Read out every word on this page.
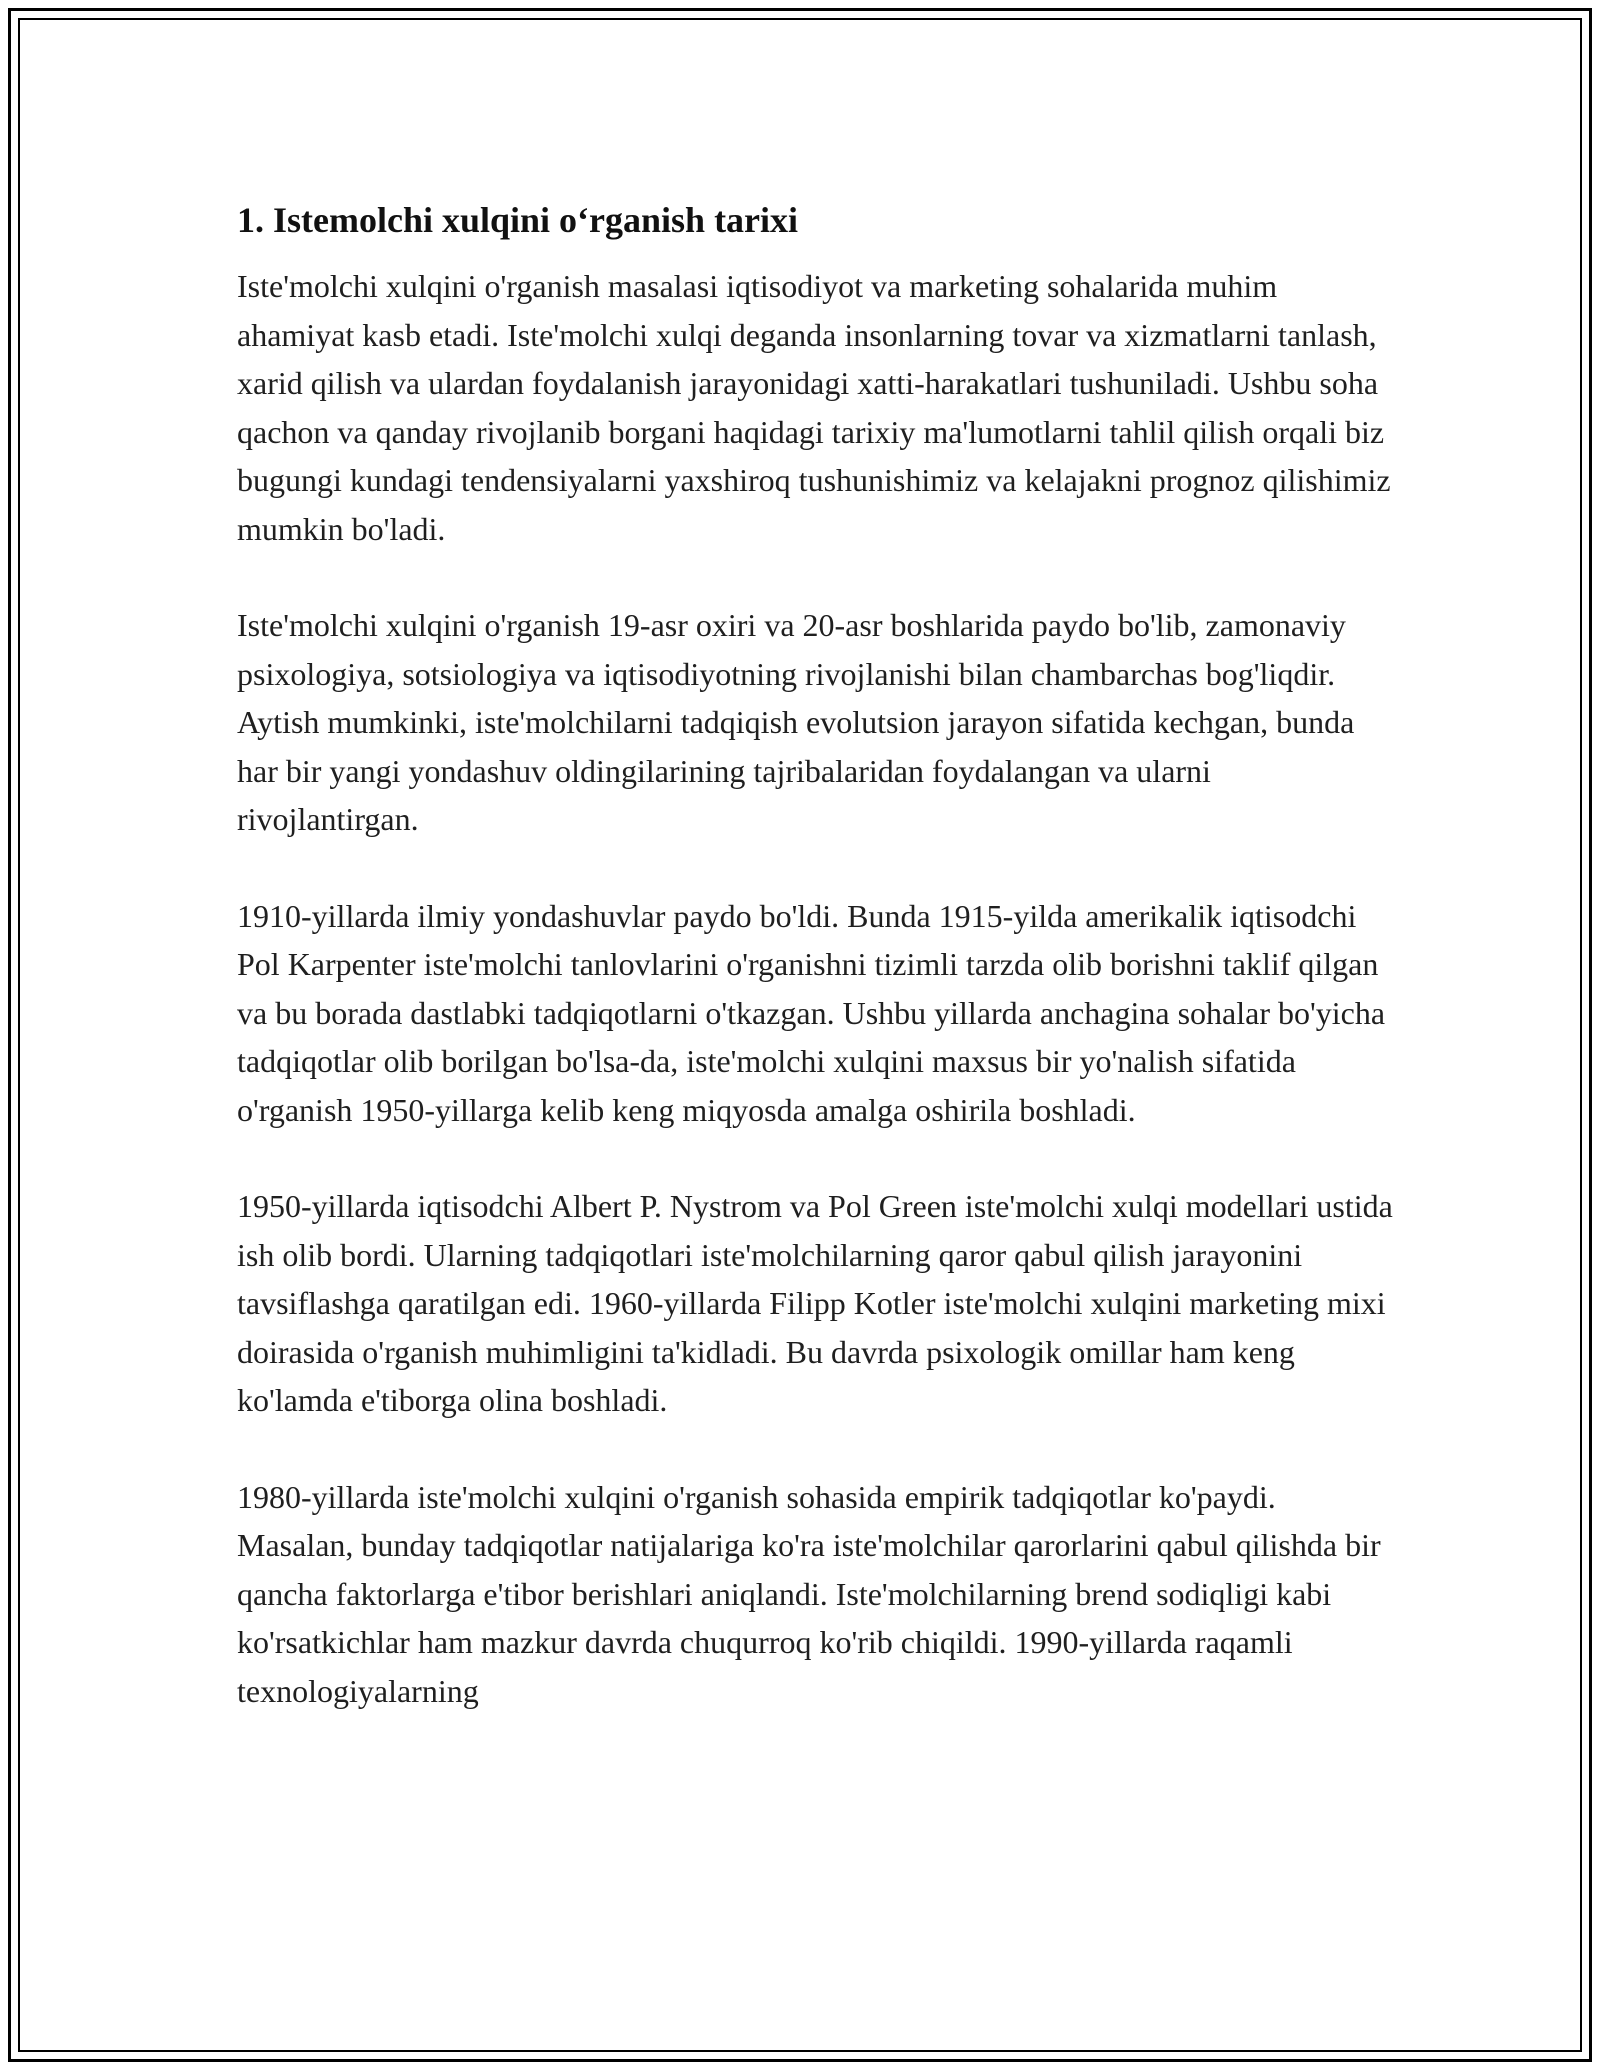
1. Istemolchi xulqini o‘rganish tarixi

Iste'molchi xulqini o'rganish masalasi iqtisodiyot va marketing sohalarida muhim ahamiyat kasb etadi. Iste'molchi xulqi deganda insonlarning tovar va xizmatlarni tanlash, xarid qilish va ulardan foydalanish jarayonidagi xatti-harakatlari tushuniladi. Ushbu soha qachon va qanday rivojlanib borgani haqidagi tarixiy ma'lumotlarni tahlil qilish orqali biz bugungi kundagi tendensiyalarni yaxshiroq tushunishimiz va kelajakni prognoz qilishimiz mumkin bo'ladi.

Iste'molchi xulqini o'rganish 19-asr oxiri va 20-asr boshlarida paydo bo'lib, zamonaviy psixologiya, sotsiologiya va iqtisodiyotning rivojlanishi bilan chambarchas bog'liqdir. Aytish mumkinki, iste'molchilarni tadqiqish evolutsion jarayon sifatida kechgan, bunda har bir yangi yondashuv oldingilarining tajribalaridan foydalangan va ularni rivojlantirgan.

1910-yillarda ilmiy yondashuvlar paydo bo'ldi. Bunda 1915-yilda amerikalik iqtisodchi Pol Karpenter iste'molchi tanlovlarini o'rganishni tizimli tarzda olib borishni taklif qilgan va bu borada dastlabki tadqiqotlarni o'tkazgan. Ushbu yillarda anchagina sohalar bo'yicha tadqiqotlar olib borilgan bo'lsa-da, iste'molchi xulqini maxsus bir yo'nalish sifatida o'rganish 1950-yillarga kelib keng miqyosda amalga oshirila boshladi.

1950-yillarda iqtisodchi Albert P. Nystrom va Pol Green iste'molchi xulqi modellari ustida ish olib bordi. Ularning tadqiqotlari iste'molchilarning qaror qabul qilish jarayonini tavsiflashga qaratilgan edi. 1960-yillarda Filipp Kotler iste'molchi xulqini marketing mixi doirasida o'rganish muhimligini ta'kidladi. Bu davrda psixologik omillar ham keng ko'lamda e'tiborga olina boshladi.

1980-yillarda iste'molchi xulqini o'rganish sohasida empirik tadqiqotlar ko'paydi. Masalan, bunday tadqiqotlar natijalariga ko'ra iste'molchilar qarorlarini qabul qilishda bir qancha faktorlarga e'tibor berishlari aniqlandi. Iste'molchilarning brend sodiqligi kabi ko'rsatkichlar ham mazkur davrda chuqurroq ko'rib chiqildi. 1990-yillarda raqamli texnologiyalarning
